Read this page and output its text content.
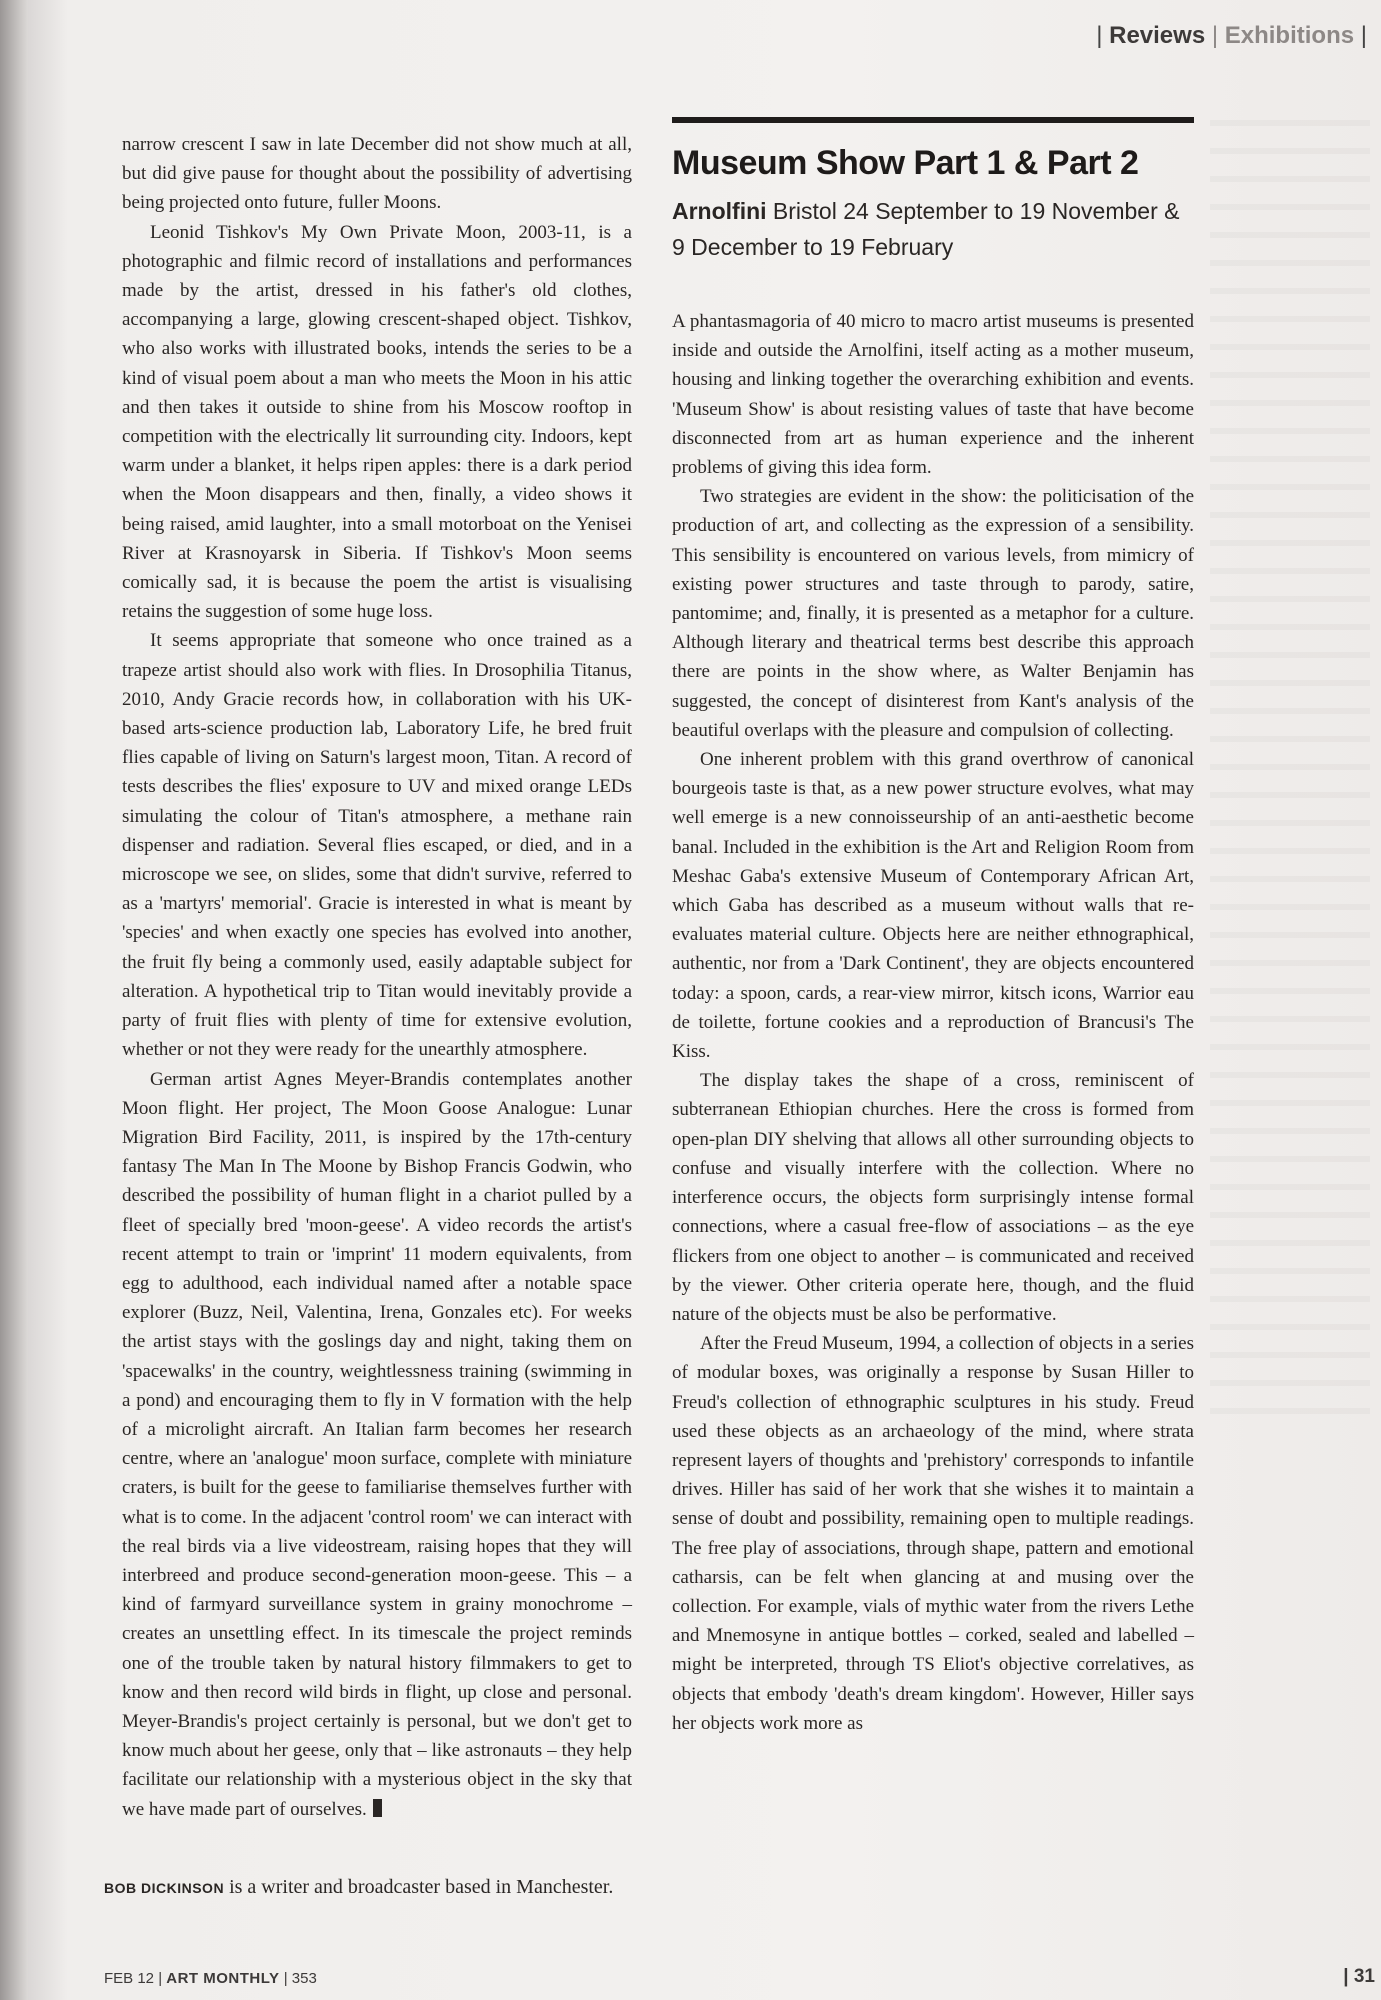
| Reviews | Exhibitions |

narrow crescent I saw in late December did not show much at all, but did give pause for thought about the possibility of advertising being projected onto future, fuller Moons.

Leonid Tishkov's My Own Private Moon, 2003-11, is a photographic and filmic record of installations and performances made by the artist, dressed in his father's old clothes, accompanying a large, glowing crescent-shaped object. Tishkov, who also works with illustrated books, intends the series to be a kind of visual poem about a man who meets the Moon in his attic and then takes it outside to shine from his Moscow rooftop in competition with the electrically lit surrounding city. Indoors, kept warm under a blanket, it helps ripen apples: there is a dark period when the Moon disappears and then, finally, a video shows it being raised, amid laughter, into a small motorboat on the Yenisei River at Krasnoyarsk in Siberia. If Tishkov's Moon seems comically sad, it is because the poem the artist is visualising retains the suggestion of some huge loss.

It seems appropriate that someone who once trained as a trapeze artist should also work with flies. In Drosophilia Titanus, 2010, Andy Gracie records how, in collaboration with his UK-based arts-science production lab, Laboratory Life, he bred fruit flies capable of living on Saturn's largest moon, Titan. A record of tests describes the flies' exposure to UV and mixed orange LEDs simulating the colour of Titan's atmosphere, a methane rain dispenser and radiation. Several flies escaped, or died, and in a microscope we see, on slides, some that didn't survive, referred to as a 'martyrs' memorial'. Gracie is interested in what is meant by 'species' and when exactly one species has evolved into another, the fruit fly being a commonly used, easily adaptable subject for alteration. A hypothetical trip to Titan would inevitably provide a party of fruit flies with plenty of time for extensive evolution, whether or not they were ready for the unearthly atmosphere.

German artist Agnes Meyer-Brandis contemplates another Moon flight. Her project, The Moon Goose Analogue: Lunar Migration Bird Facility, 2011, is inspired by the 17th-century fantasy The Man In The Moone by Bishop Francis Godwin, who described the possibility of human flight in a chariot pulled by a fleet of specially bred 'moon-geese'. A video records the artist's recent attempt to train or 'imprint' 11 modern equivalents, from egg to adulthood, each individual named after a notable space explorer (Buzz, Neil, Valentina, Irena, Gonzales etc). For weeks the artist stays with the goslings day and night, taking them on 'spacewalks' in the country, weightlessness training (swimming in a pond) and encouraging them to fly in V formation with the help of a microlight aircraft. An Italian farm becomes her research centre, where an 'analogue' moon surface, complete with miniature craters, is built for the geese to familiarise themselves further with what is to come. In the adjacent 'control room' we can interact with the real birds via a live videostream, raising hopes that they will interbreed and produce second-generation moon-geese. This – a kind of farmyard surveillance system in grainy monochrome – creates an unsettling effect. In its timescale the project reminds one of the trouble taken by natural history filmmakers to get to know and then record wild birds in flight, up close and personal. Meyer-Brandis's project certainly is personal, but we don't get to know much about her geese, only that – like astronauts – they help facilitate our relationship with a mysterious object in the sky that we have made part of ourselves.

BOB DICKINSON is a writer and broadcaster based in Manchester.
Museum Show Part 1 & Part 2
Arnolfini Bristol 24 September to 19 November & 9 December to 19 February

A phantasmagoria of 40 micro to macro artist museums is presented inside and outside the Arnolfini, itself acting as a mother museum, housing and linking together the overarching exhibition and events. 'Museum Show' is about resisting values of taste that have become disconnected from art as human experience and the inherent problems of giving this idea form.

Two strategies are evident in the show: the politicisation of the production of art, and collecting as the expression of a sensibility. This sensibility is encountered on various levels, from mimicry of existing power structures and taste through to parody, satire, pantomime; and, finally, it is presented as a metaphor for a culture. Although literary and theatrical terms best describe this approach there are points in the show where, as Walter Benjamin has suggested, the concept of disinterest from Kant's analysis of the beautiful overlaps with the pleasure and compulsion of collecting.

One inherent problem with this grand overthrow of canonical bourgeois taste is that, as a new power structure evolves, what may well emerge is a new connoisseurship of an anti-aesthetic become banal. Included in the exhibition is the Art and Religion Room from Meshac Gaba's extensive Museum of Contemporary African Art, which Gaba has described as a museum without walls that re-evaluates material culture. Objects here are neither ethnographical, authentic, nor from a 'Dark Continent', they are objects encountered today: a spoon, cards, a rear-view mirror, kitsch icons, Warrior eau de toilette, fortune cookies and a reproduction of Brancusi's The Kiss.

The display takes the shape of a cross, reminiscent of subterranean Ethiopian churches. Here the cross is formed from open-plan DIY shelving that allows all other surrounding objects to confuse and visually interfere with the collection. Where no interference occurs, the objects form surprisingly intense formal connections, where a casual free-flow of associations – as the eye flickers from one object to another – is communicated and received by the viewer. Other criteria operate here, though, and the fluid nature of the objects must be also be performative.

After the Freud Museum, 1994, a collection of objects in a series of modular boxes, was originally a response by Susan Hiller to Freud's collection of ethnographic sculptures in his study. Freud used these objects as an archaeology of the mind, where strata represent layers of thoughts and 'prehistory' corresponds to infantile drives. Hiller has said of her work that she wishes it to maintain a sense of doubt and possibility, remaining open to multiple readings. The free play of associations, through shape, pattern and emotional catharsis, can be felt when glancing at and musing over the collection. For example, vials of mythic water from the rivers Lethe and Mnemosyne in antique bottles – corked, sealed and labelled – might be interpreted, through TS Eliot's objective correlatives, as objects that embody 'death's dream kingdom'. However, Hiller says her objects work more as

FEB 12 | ART MONTHLY | 353	| 31
